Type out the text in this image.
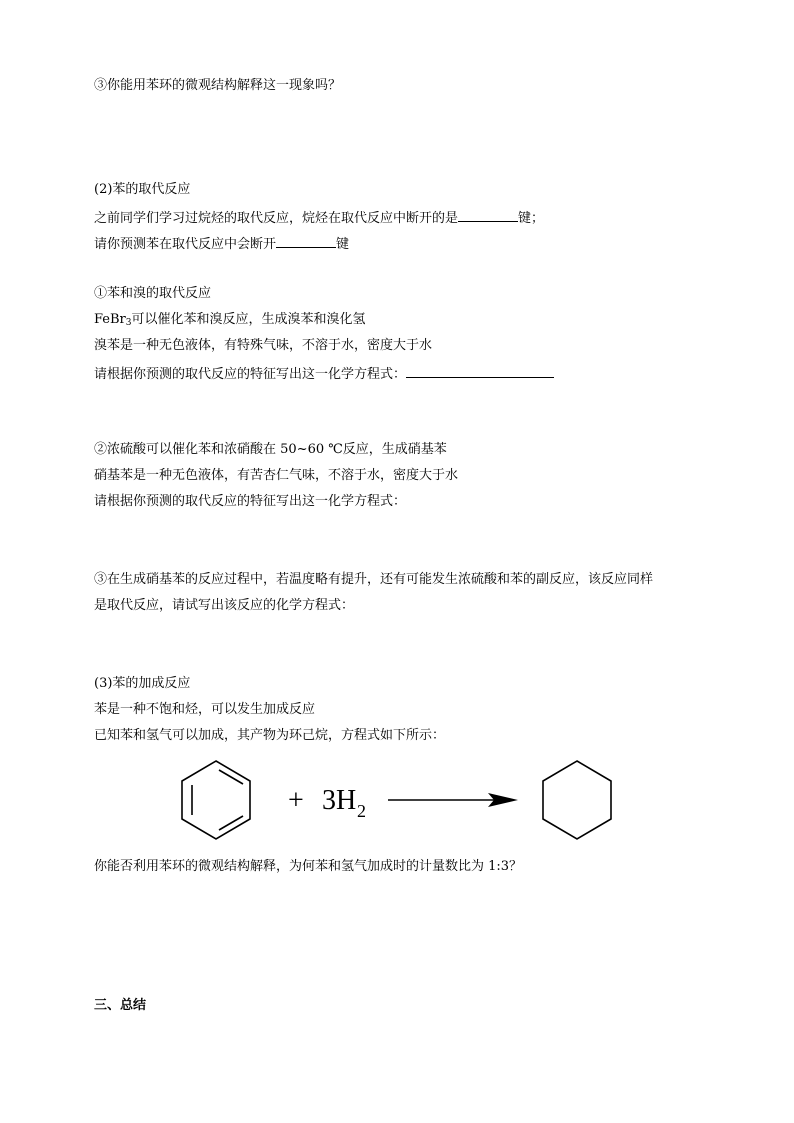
③你能用苯环的微观结构解释这一现象吗？
(2)苯的取代反应
之前同学们学习过烷烃的取代反应，烷烃在取代反应中断开的是	键；
请你预测苯在取代反应中会断开	键
①苯和溴的取代反应
FeBr$_3$可以催化苯和溴反应，生成溴苯和溴化氢
溴苯是一种无色液体，有特殊气味，不溶于水，密度大于水
请根据你预测的取代反应的特征写出这一化学方程式：
②浓硫酸可以催化苯和浓硝酸在 50~60 ℃反应，生成硝基苯
硝基苯是一种无色液体，有苦杏仁气味，不溶于水，密度大于水
请根据你预测的取代反应的特征写出这一化学方程式：
③在生成硝基苯的反应过程中，若温度略有提升，还有可能发生浓硫酸和苯的副反应，该反应同样
是取代反应，请试写出该反应的化学方程式：
(3)苯的加成反应
苯是一种不饱和烃，可以发生加成反应
已知苯和氢气可以加成，其产物为环己烷，方程式如下所示：
+ 3H 2
你能否利用苯环的微观结构解释，为何苯和氢气加成时的计量数比为 1:3？
三、总结
